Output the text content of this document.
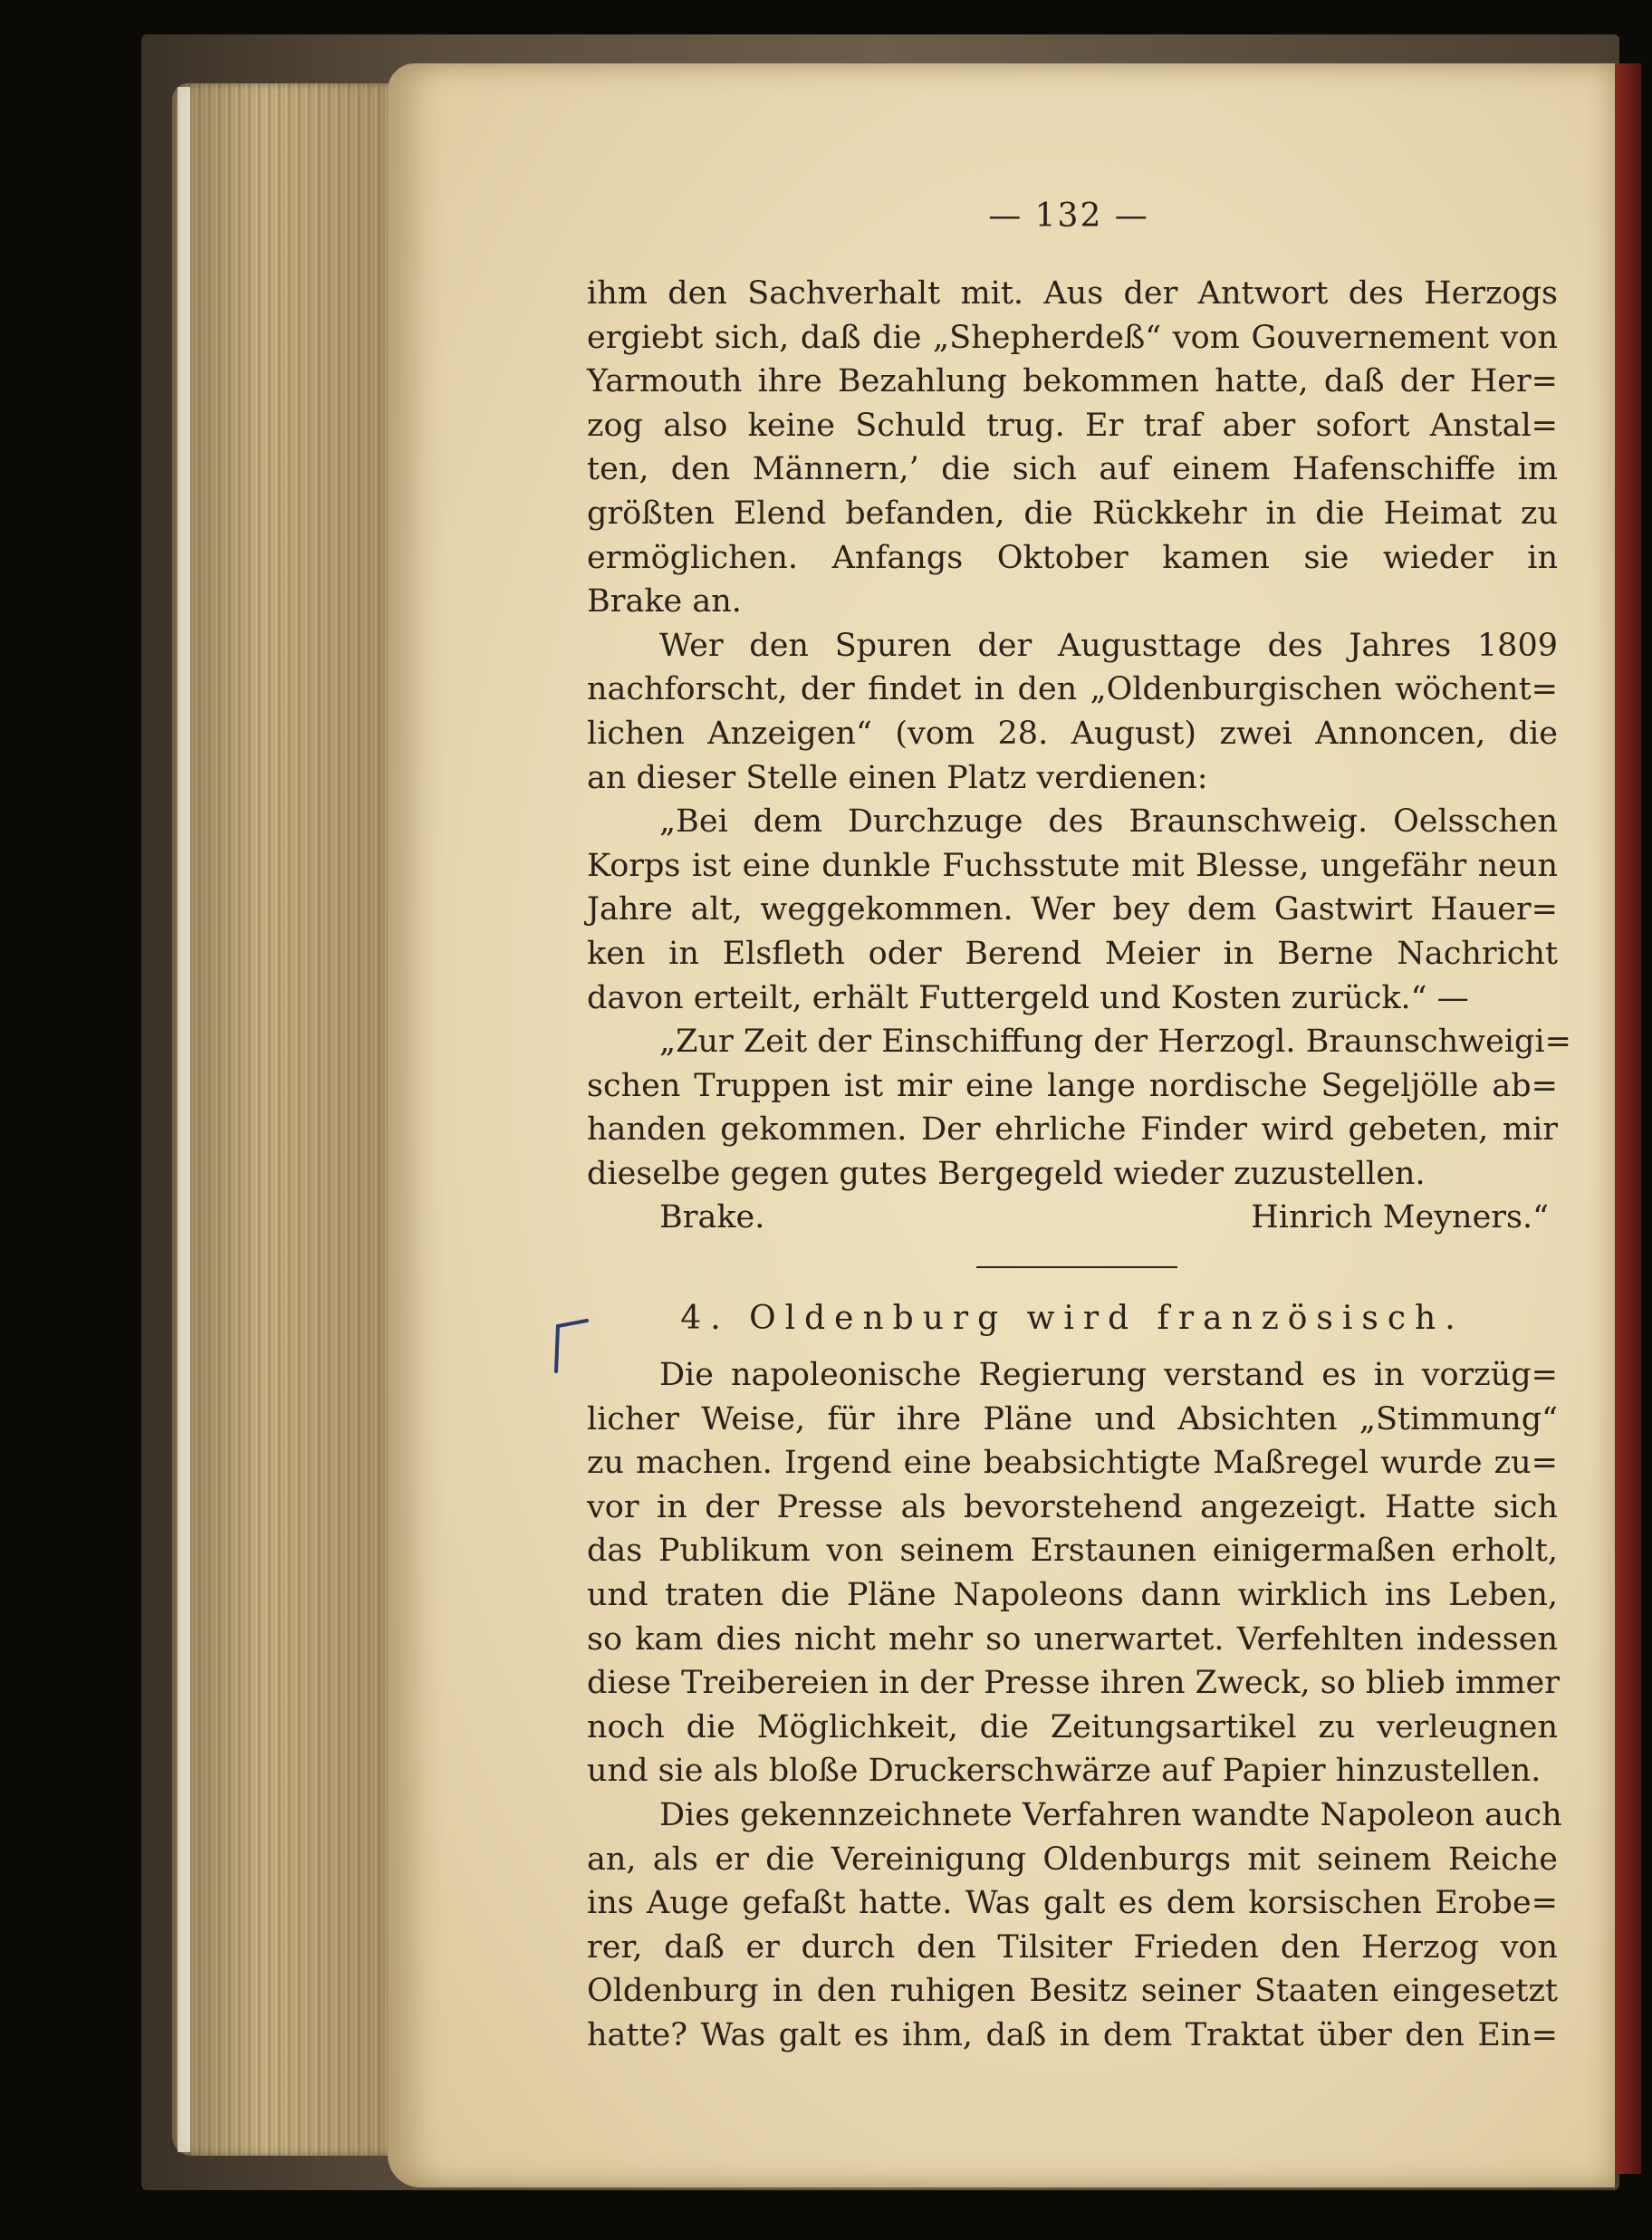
— 132 —
ihm den Sachverhalt mit. Aus der Antwort des Herzogs
ergiebt sich, daß die „Shepherdeß“ vom Gouvernement von
Yarmouth ihre Bezahlung bekommen hatte, daß der Her=
zog also keine Schuld trug. Er traf aber sofort Anstal=
ten, den Männern,’ die sich auf einem Hafenschiffe im
größten Elend befanden, die Rückkehr in die Heimat zu
ermöglichen. Anfangs Oktober kamen sie wieder in
Brake an.
Wer den Spuren der Augusttage des Jahres 1809
nachforscht, der findet in den „Oldenburgischen wöchent=
lichen Anzeigen“ (vom 28. August) zwei Annoncen, die
an dieser Stelle einen Platz verdienen:
„Bei dem Durchzuge des Braunschweig. Oelsschen
Korps ist eine dunkle Fuchsstute mit Blesse, ungefähr neun
Jahre alt, weggekommen. Wer bey dem Gastwirt Hauer=
ken in Elsfleth oder Berend Meier in Berne Nachricht
davon erteilt, erhält Futtergeld und Kosten zurück.“ —
„Zur Zeit der Einschiffung der Herzogl. Braunschweigi=
schen Truppen ist mir eine lange nordische Segeljölle ab=
handen gekommen. Der ehrliche Finder wird gebeten, mir
dieselbe gegen gutes Bergegeld wieder zuzustellen.
Brake.	Hinrich Meyners.“
4. Oldenburg wird französisch.
Die napoleonische Regierung verstand es in vorzüg=
licher Weise, für ihre Pläne und Absichten „Stimmung“
zu machen. Irgend eine beabsichtigte Maßregel wurde zu=
vor in der Presse als bevorstehend angezeigt. Hatte sich
das Publikum von seinem Erstaunen einigermaßen erholt,
und traten die Pläne Napoleons dann wirklich ins Leben,
so kam dies nicht mehr so unerwartet. Verfehlten indessen
diese Treibereien in der Presse ihren Zweck, so blieb immer
noch die Möglichkeit, die Zeitungsartikel zu verleugnen
und sie als bloße Druckerschwärze auf Papier hinzustellen.
Dies gekennzeichnete Verfahren wandte Napoleon auch
an, als er die Vereinigung Oldenburgs mit seinem Reiche
ins Auge gefaßt hatte. Was galt es dem korsischen Erobe=
rer, daß er durch den Tilsiter Frieden den Herzog von
Oldenburg in den ruhigen Besitz seiner Staaten eingesetzt
hatte? Was galt es ihm, daß in dem Traktat über den Ein=
